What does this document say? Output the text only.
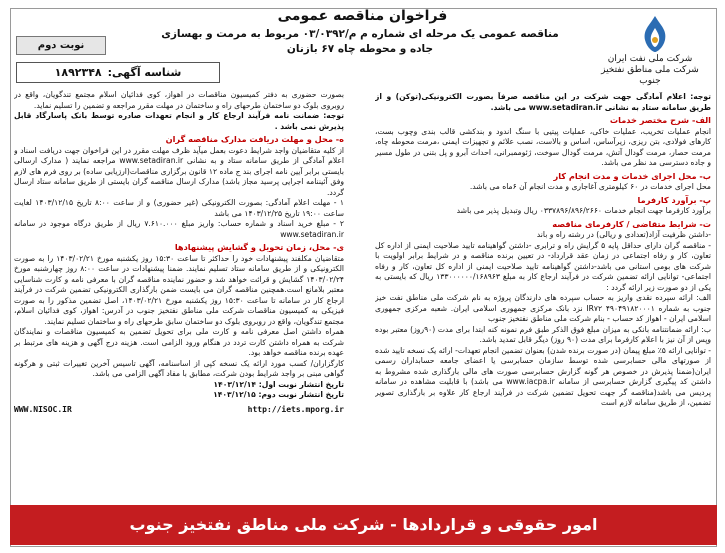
شرکت ملی نفت ایران
شرکت ملی مناطق نفتخیز جنوب
فراخوان مناقصه عمومی
مناقصه عمومی یک مرحله ای شماره م م/۰۳/۰۳۹۲ مربوط به مرمت و بهسازی
جاده و محوطه چاه ۶۷ بازنان
نوبت دوم
شناسه آگهی:
۱۸۹۲۳۴۸

توجه: اعلام آمادگی جهت شرکت در این مناقصه صرفاً بصورت الکترونیکی(توکن) و از طریق سامانه ستاد به نشانی www.setadiran.ir می باشد.

الف- شرح مختصر خدمات

انجام عملیات تخریب، عملیات خاکی، عملیات پیتیی با سنگ اندود و بندکشی قالب بندی وچوب بست، کارهای فولادی، بتن ریزی، زیرآساس، اساس و بالاست، نصب علائم و تجهیزات ایمنی ،مرمت محوطه چاه، مرمت حصار، مرمت گودال آتش، مرمت گودال سوخت، ژئوممبرانی، احداث آبرو و پل بتنی در طول مسیر و جاده دسترسی مد نظر می باشد.

ب- محل اجرای خدمات و مدت انجام کار

محل اجرای خدمات در ۶۰ کیلومتری آغاجاری و مدت انجام آن ۶ماه می باشد.

پ- برآورد کارفرما

برآورد کارفرما جهت انجام خدمات ۰۳۳۷۸۹۶/۸۹۶/۲۶۶۰ ریال وتبدیل پذیر می باشد

ت- شرایط متقاضی / کارفرمای مناقصه

-داشتن ظرفیت آزاد(تعدادی و ریالی) در رشته راه و باند

- مناقصه گران دارای حداقل پایه ۵ گرایش راه و ترابری -داشتن گواهینامه تایید صلاحیت ایمنی از اداره کل تعاون، کار و رفاه اجتماعی در زمان عقد قرارداد- در تعیین برنده مناقصه و در شرایط برابر اولویت با شرکت های بومی استانی می باشد-داشتن گواهینامه تایید صلاحیت ایمنی از اداره کل تعاون، کار و رفاه اجتماعی- توانایی ارائه تضمین شرکت در فرآیند ارجاع کار به مبلغ ۱۳۳۰۰۰۰۰۰/۱۶۸۹۶۳ ریال که بایستی به یکی از دو صورت زیر ارائه گردد :

الف: ارائه سپرده نقدی واریز به حساب سپرده های دارندگان پروژه به نام شرکت ملی مناطق نفت خیز جنوب به شماره ۴۹۰۴۹۱۸۲۰۰۰۱ IR۷۲ نزد بانک مرکزی جمهوری اسلامی ایران. شعبه مرکزی جمهوری اسلامی ایران - اهواز کد حساب - بنام شرکت ملی مناطق نفتخیز جنوب

ب: ارائه ضمانتنامه بانکی به میزان مبلغ فوق الذکر طبق فرم نمونه کنه ابتدا برای مدت (۹۰روز) معتبر بوده وپس از آن نیز با اعلام کارفرما برای مدت (۹۰ روز) دیگر قابل تمدید باشد.

- توانایی ارائه ۵٪ مبلغ پیمان (در صورت برنده شدن) بعنوان تضمین انجام تعهدات- ارائه یک نسخه تایید شده از صورتهای مالی حسابرسی شده توسط سازمان حسابرسی یا اعضای جامعه حسابداران رسمی ایران(ضمنا پذیرش در خصوص هر گونه گزارش حسابرسی صورت های مالی بارگذاری شده مشروط به داشتن کد پیگیری گزارش حسابرسی از سامانه www.iacpa.ir می باشد) با قابلیت مشاهده در سامانه پردیس می باشد(مناقصه گر جهت تحویل تضمین شرکت در فرآیند ارجاع کار علاوه بر بارگذاری تصویر تضمین، از طریق سامانه لازم است

بصورت حضوری به دفتر کمیسیون مناقصات در اهواز، کوی فدائیان اسلام مجتمع تندگویان، واقع در روبروی بلوک دو ساختمان طرحهای راه و ساختمان در مهلت مقرر مراجعه و تضمین را تسلیم نماید.

توجه: ضمانت نامه فرآیند ارجاع کار و انجام تعهدات صادره توسط بانک پاسارگاد قابل پذیرش نمی باشد .

ه- محل و مهلت دریافت مدارک مناقصه گران

از کلیه متقاضیان واجد شرایط دعوت بعمل میآید ظرف مهلت مقرر در این فراخوان جهت دریافت اسناد و اعلام آمادگی از طریق سامانه ستاد و به نشانی www.setadiran.ir مراجعه نمایند ( مدارک ارسالی بایستی برابر آیین نامه اجرای بند ج ماده ۱۲ قانون برگزاری مناقصات(ارزیابی ساده) بر روی فرم های لازم وفق آئیننامه اجرایی پرسید مجاز باشد) مدارک ارسال مناقصه گران بایستی از طریق سامانه ستاد ارسال گردد.

۱ - مهلت اعلام آمادگی: بصورت الکترونیکی (غیر حضوری) و از ساعت ۸:۰۰ تاریخ ۱۴۰۳/۱۲/۱۵ لغایت ساعت ۱۹:۰۰ تاریخ ۱۴۰۳/۱۲/۲۵ می باشد

۲ - مبلغ خرید اسناد و شماره حساب: واریز مبلغ ۷.۶۱۰.۰۰۰ ریال از طریق درگاه موجود در سامانه www.setadiran.ir

ی- محل، زمان تحویل و گشایش پیشنهادها

متقاضیان مکلفند پیشنهادات خود را حداکثر تا ساعت ۱۵:۳۰ روز یکشنبه مورخ ۱۴۰۳/۰۲/۲۱ را به صورت الکترونیکی و از طریق سامانه ستاد تسلیم نمایند. ضمنا پیشنهادات در ساعت ۸:۰۰ روز چهارشنبه مورخ ۱۴۰۳/۰۲/۲۴ گشایش و قرائت خواهد شد و حضور نماینده مناقصه گران با معرفی نامه و کارت شناسایی معتبر بلامانع است.همچنین مناقصه گران می بایست ضمن بارگذاری الکترونیکی تضمین شرکت در فرآیند ارجاع کار در سامانه تا ساعت ۱۵:۳۰ روز یکشنبه مورخ ۱۴۰۳/۰۲/۲۱، اصل تضمین مذکور را به صورت فیزیکی به کمیسیون مناقصات شرکت ملی مناطق نفتخیز جنوب در آدرس: اهواز، کوی فدائیان اسلام، مجتمع تندگویان، واقع در روبروی بلوک دو ساختمان سابق طرحهای راه و ساختمان تسلیم نمایند.

همراه داشتن اصل معرفی نامه و کارت ملی برای تحویل تضمین به کمیسیون مناقصات و نمایندگان شرکت به همراه داشتن کارت تردد در هنگام ورود الزامی است. هزینه درج آگهی و هزینه های مرتبط بر عهده برنده مناقصه خواهد بود.

کارگزاران/ کسب مورد ارائه یک نسخه کپی از اساسنامه، آگهی تاسیس آخرین تغییرات ثبتی و هرگونه گواهی مبنی بر واجد شرایط بودن شرکت، مطابق با مفاد آگهی الزامی می باشد.

تاریخ انتشار نوبت اول: ۱۴۰۳/۱۲/۱۴

تاریخ انتشار نوبت دوم: ۱۴۰۳/۱۲/۱۵

WWW.NISOC.IR	http://iets.mporg.ir
امور حقوقی و قراردادها - شرکت ملی مناطق نفتخیز جنوب
